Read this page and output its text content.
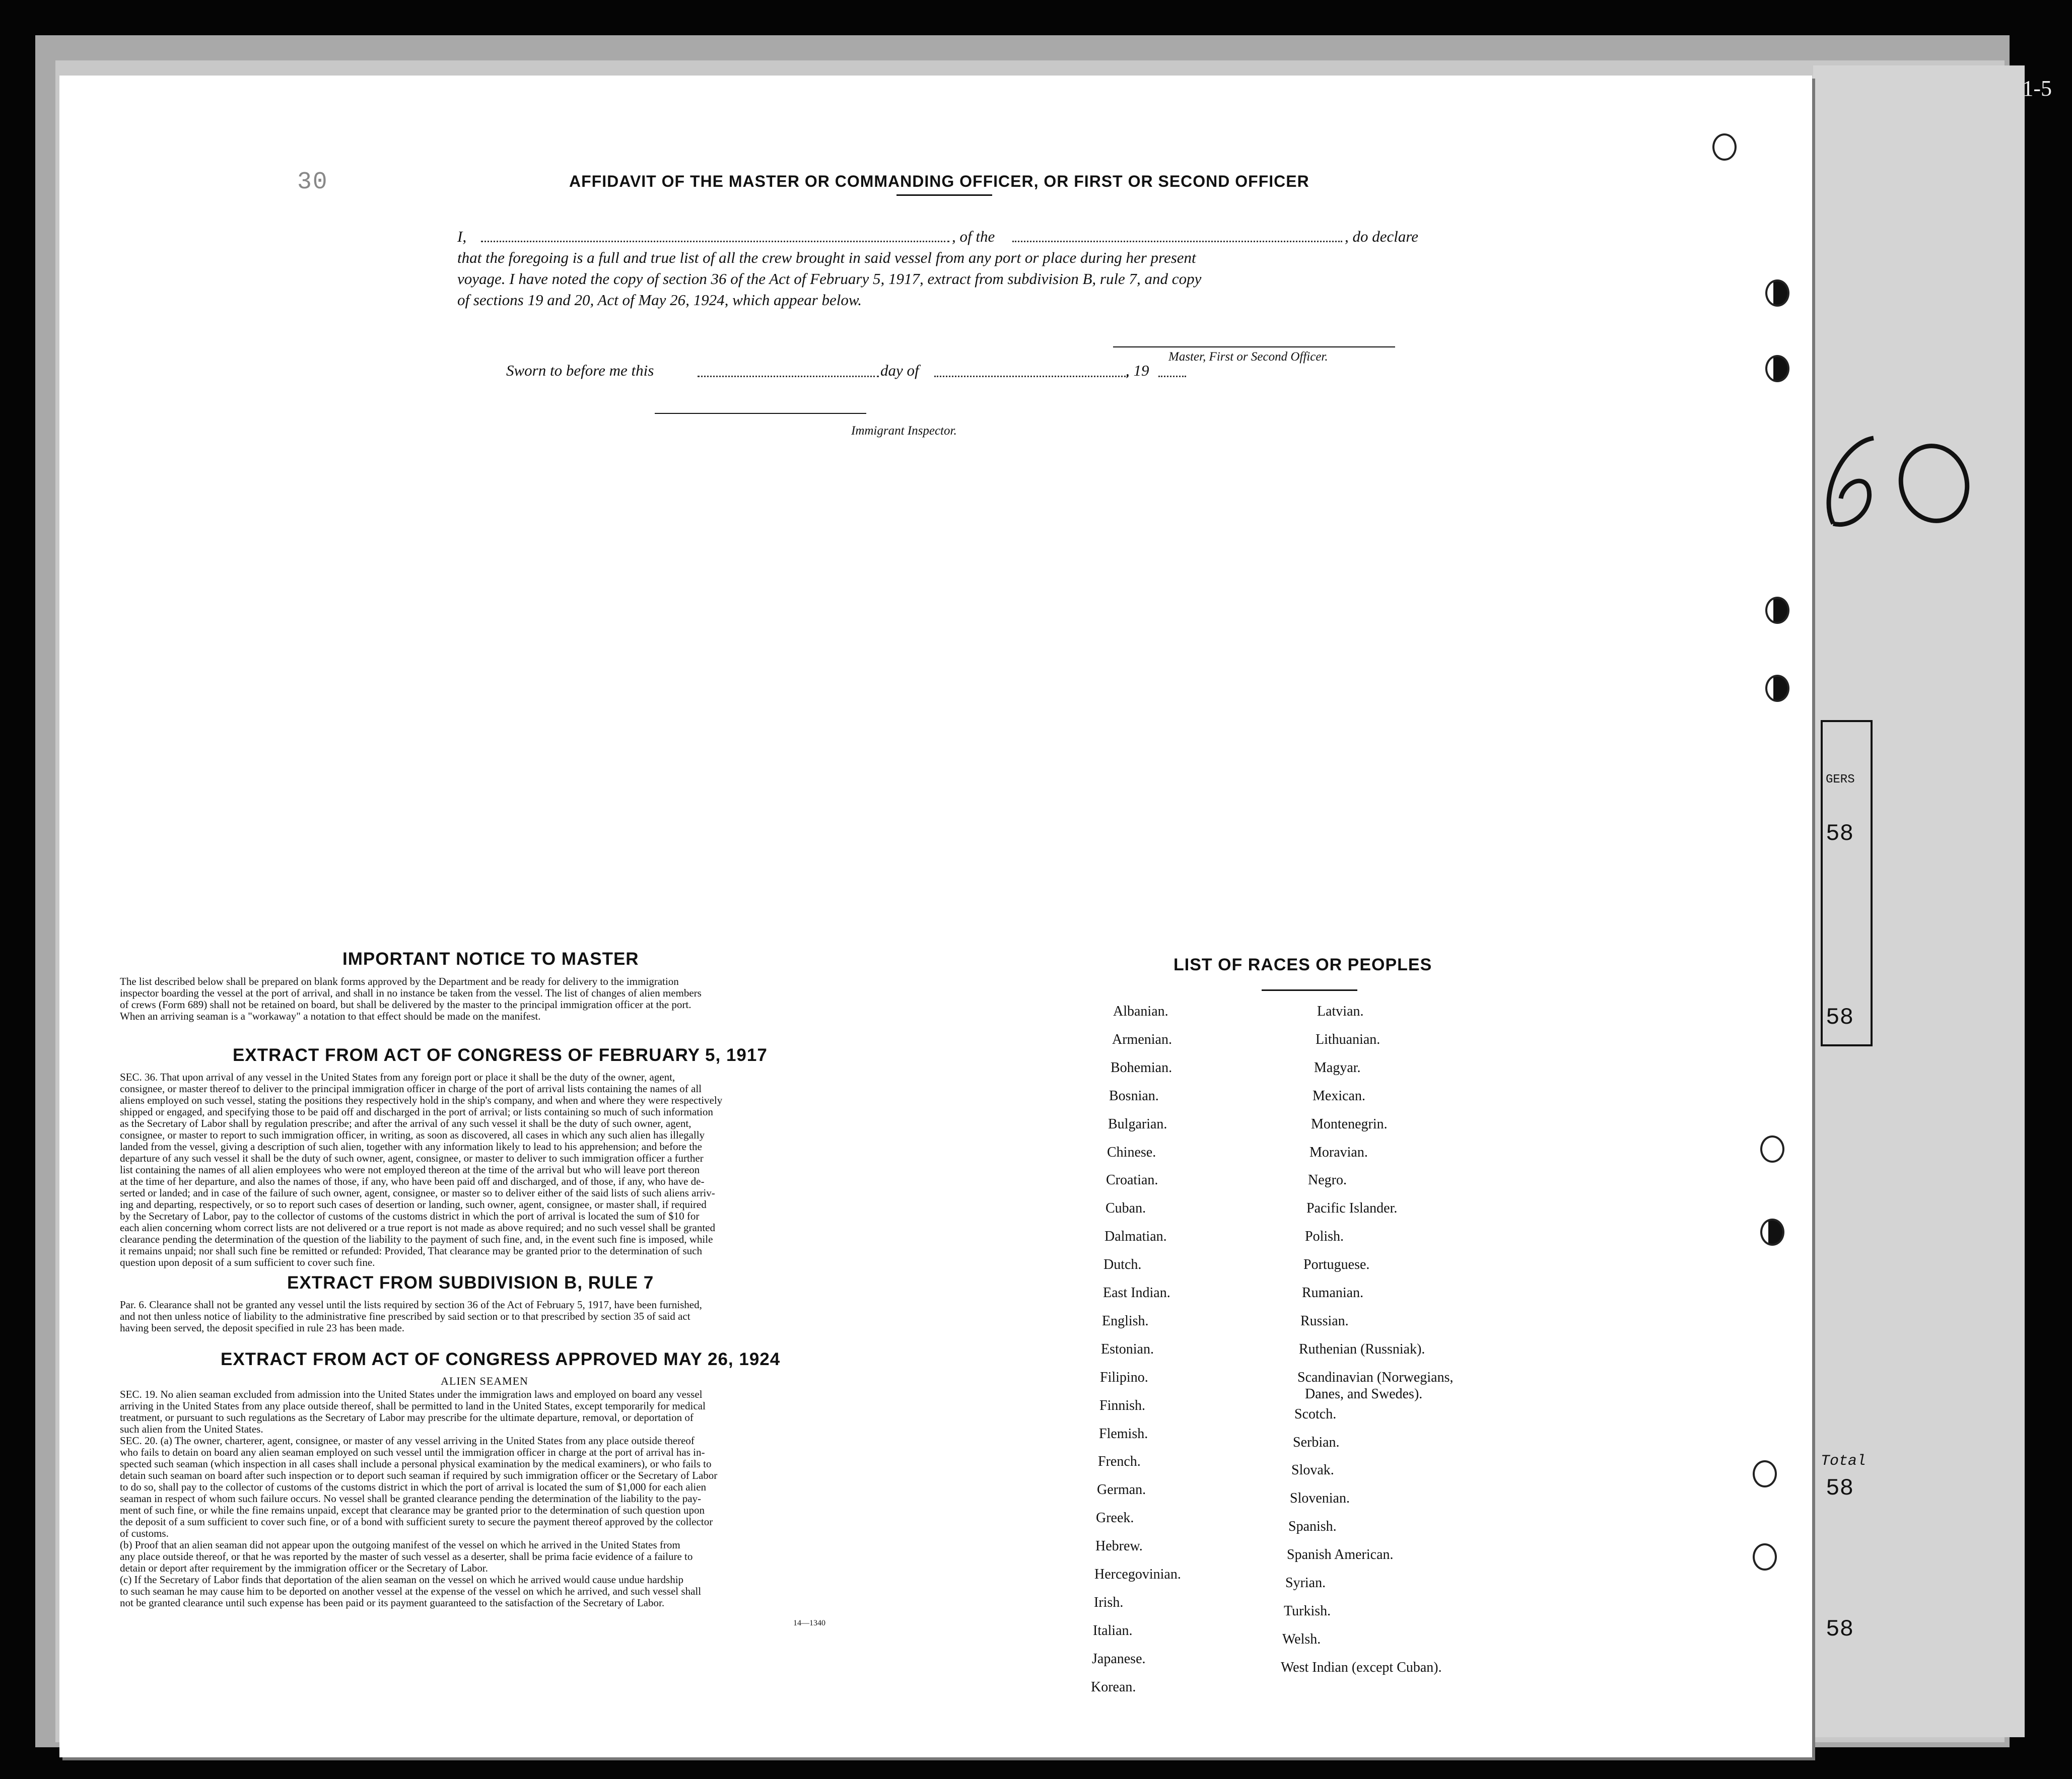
1-5
GERS
58
58
Total
58
58
30	AFFIDAVIT OF THE MASTER OR COMMANDING OFFICER, OR FIRST OR SECOND OFFICER
I,	, of the	, do declare
that the foregoing is a full and true list of all the crew brought in said vessel from any port or place during her present
voyage. I have noted the copy of section 36 of the Act of February 5, 1917, extract from subdivision B, rule 7, and copy
of sections 19 and 20, Act of May 26, 1924, which appear below.
Master, First or Second Officer.
Sworn to before me this	day of	, 19
Immigrant Inspector.
IMPORTANT NOTICE TO MASTER
The list described below shall be prepared on blank forms approved by the Department and be ready for delivery to the immigration
inspector boarding the vessel at the port of arrival, and shall in no instance be taken from the vessel. The list of changes of alien members
of crews (Form 689) shall not be retained on board, but shall be delivered by the master to the principal immigration officer at the port.
When an arriving seaman is a "workaway" a notation to that effect should be made on the manifest.
EXTRACT FROM ACT OF CONGRESS OF FEBRUARY 5, 1917
SEC. 36. That upon arrival of any vessel in the United States from any foreign port or place it shall be the duty of the owner, agent,
consignee, or master thereof to deliver to the principal immigration officer in charge of the port of arrival lists containing the names of all
aliens employed on such vessel, stating the positions they respectively hold in the ship's company, and when and where they were respectively
shipped or engaged, and specifying those to be paid off and discharged in the port of arrival; or lists containing so much of such information
as the Secretary of Labor shall by regulation prescribe; and after the arrival of any such vessel it shall be the duty of such owner, agent,
consignee, or master to report to such immigration officer, in writing, as soon as discovered, all cases in which any such alien has illegally
landed from the vessel, giving a description of such alien, together with any information likely to lead to his apprehension; and before the
departure of any such vessel it shall be the duty of such owner, agent, consignee, or master to deliver to such immigration officer a further
list containing the names of all alien employees who were not employed thereon at the time of the arrival but who will leave port thereon
at the time of her departure, and also the names of those, if any, who have been paid off and discharged, and of those, if any, who have de-
serted or landed; and in case of the failure of such owner, agent, consignee, or master so to deliver either of the said lists of such aliens arriv-
ing and departing, respectively, or so to report such cases of desertion or landing, such owner, agent, consignee, or master shall, if required
by the Secretary of Labor, pay to the collector of customs of the customs district in which the port of arrival is located the sum of $10 for
each alien concerning whom correct lists are not delivered or a true report is not made as above required; and no such vessel shall be granted
clearance pending the determination of the question of the liability to the payment of such fine, and, in the event such fine is imposed, while
it remains unpaid; nor shall such fine be remitted or refunded: Provided, That clearance may be granted prior to the determination of such
question upon deposit of a sum sufficient to cover such fine.
EXTRACT FROM SUBDIVISION B, RULE 7
Par. 6. Clearance shall not be granted any vessel until the lists required by section 36 of the Act of February 5, 1917, have been furnished,
and not then unless notice of liability to the administrative fine prescribed by said section or to that prescribed by section 35 of said act
having been served, the deposit specified in rule 23 has been made.
EXTRACT FROM ACT OF CONGRESS APPROVED MAY 26, 1924
ALIEN SEAMEN
SEC. 19. No alien seaman excluded from admission into the United States under the immigration laws and employed on board any vessel
arriving in the United States from any place outside thereof, shall be permitted to land in the United States, except temporarily for medical
treatment, or pursuant to such regulations as the Secretary of Labor may prescribe for the ultimate departure, removal, or deportation of
such alien from the United States.
SEC. 20. (a) The owner, charterer, agent, consignee, or master of any vessel arriving in the United States from any place outside thereof
who fails to detain on board any alien seaman employed on such vessel until the immigration officer in charge at the port of arrival has in-
spected such seaman (which inspection in all cases shall include a personal physical examination by the medical examiners), or who fails to
detain such seaman on board after such inspection or to deport such seaman if required by such immigration officer or the Secretary of Labor
to do so, shall pay to the collector of customs of the customs district in which the port of arrival is located the sum of $1,000 for each alien
seaman in respect of whom such failure occurs. No vessel shall be granted clearance pending the determination of the liability to the pay-
ment of such fine, or while the fine remains unpaid, except that clearance may be granted prior to the determination of such question upon
the deposit of a sum sufficient to cover such fine, or of a bond with sufficient surety to secure the payment thereof approved by the collector
of customs.
(b) Proof that an alien seaman did not appear upon the outgoing manifest of the vessel on which he arrived in the United States from
any place outside thereof, or that he was reported by the master of such vessel as a deserter, shall be prima facie evidence of a failure to
detain or deport after requirement by the immigration officer or the Secretary of Labor.
(c) If the Secretary of Labor finds that deportation of the alien seaman on the vessel on which he arrived would cause undue hardship
to such seaman he may cause him to be deported on another vessel at the expense of the vessel on which he arrived, and such vessel shall
not be granted clearance until such expense has been paid or its payment guaranteed to the satisfaction of the Secretary of Labor.
14—1340
LIST OF RACES OR PEOPLES
Albanian.
Armenian.
Bohemian.
Bosnian.
Bulgarian.
Chinese.
Croatian.
Cuban.
Dalmatian.
Dutch.
East Indian.
English.
Estonian.
Filipino.
Finnish.
Flemish.
French.
German.
Greek.
Hebrew.
Hercegovinian.
Irish.
Italian.
Japanese.
Korean.
Latvian.
Lithuanian.
Magyar.
Mexican.
Montenegrin.
Moravian.
Negro.
Pacific Islander.
Polish.
Portuguese.
Rumanian.
Russian.
Ruthenian (Russniak).
Scandinavian (Norwegians,
Danes, and Swedes).
Scotch.
Serbian.
Slovak.
Slovenian.
Spanish.
Spanish American.
Syrian.
Turkish.
Welsh.
West Indian (except Cuban).
